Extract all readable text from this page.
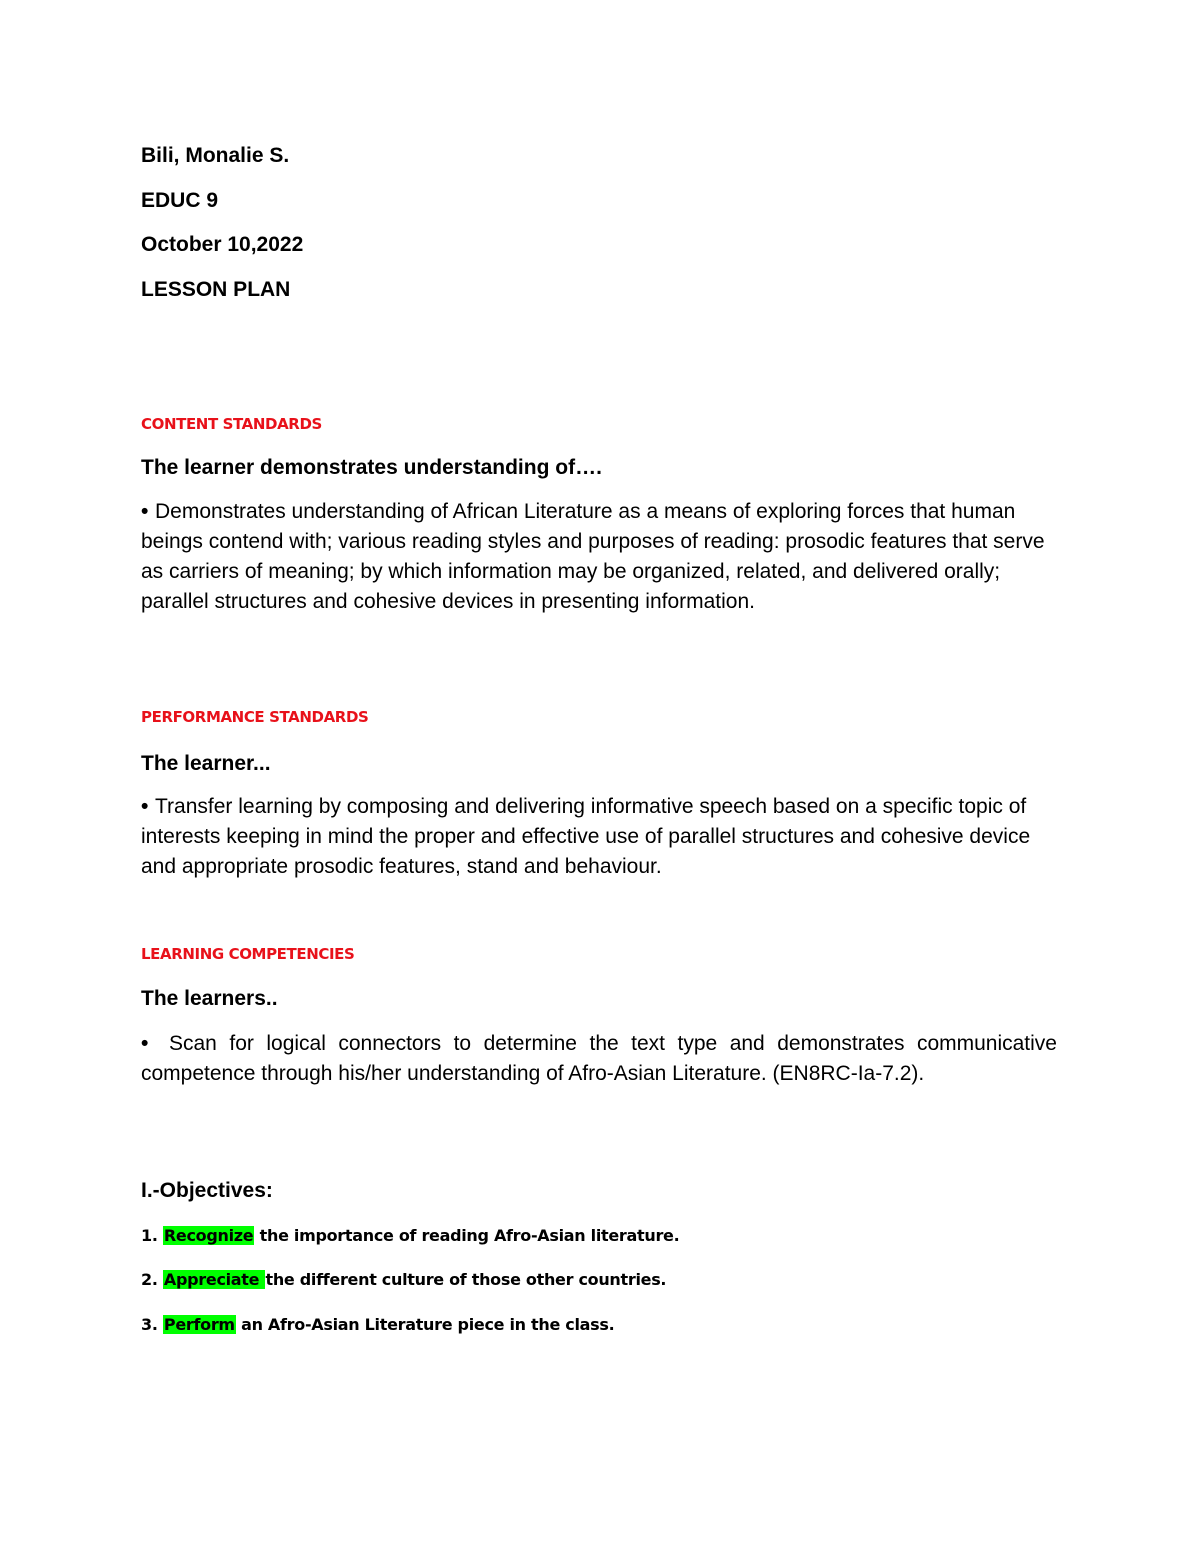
Bili, Monalie S.
EDUC 9
October 10,2022
LESSON PLAN
CONTENT STANDARDS
The learner demonstrates understanding of….
• Demonstrates understanding of African Literature as a means of exploring forces that human beings contend with; various reading styles and purposes of reading: prosodic features that serve as carriers of meaning; by which information may be organized, related, and delivered orally; parallel structures and cohesive devices in presenting information.
PERFORMANCE STANDARDS
The learner...
• Transfer learning by composing and delivering informative speech based on a specific topic of interests keeping in mind the proper and effective use of parallel structures and cohesive device and appropriate prosodic features, stand and behaviour.
LEARNING COMPETENCIES
The learners..
• Scan for logical connectors to determine the text type and demonstrates communicative competence through his/her understanding of Afro-Asian Literature. (EN8RC-Ia-7.2).
I.-Objectives:
1. Recognize the importance of reading Afro-Asian literature.
2. Appreciate the different culture of those other countries.
3. Perform an Afro-Asian Literature piece in the class.
